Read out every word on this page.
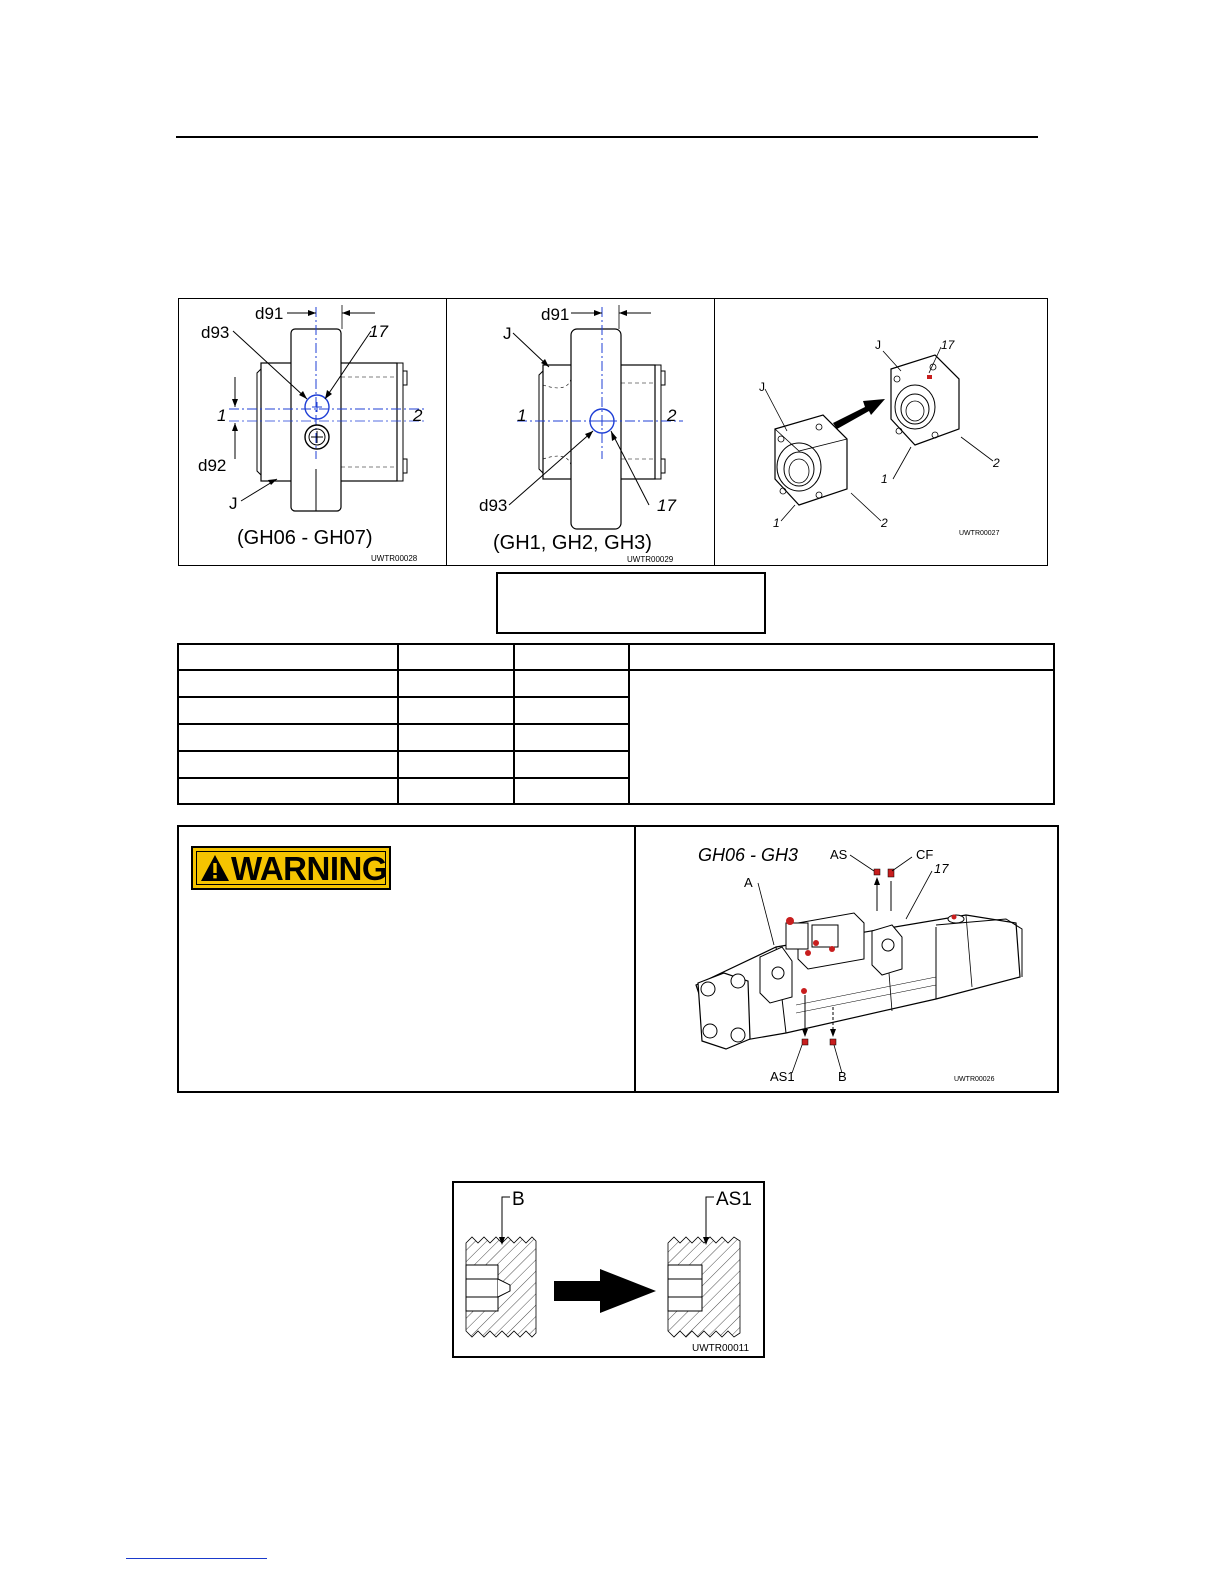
d91
d93	17
1	2
d92
J
(GH06 - GH07)
UWTR00028
d91
J
1	2
d93	17
(GH1, GH2, GH3)
UWTR00029
J
J	17
1	2
1
2
UWTR00027

WARNING	GH06 - GH3
A
AS	CF
17
AS1	B	UWTR00026
B	AS1
UWTR00011
